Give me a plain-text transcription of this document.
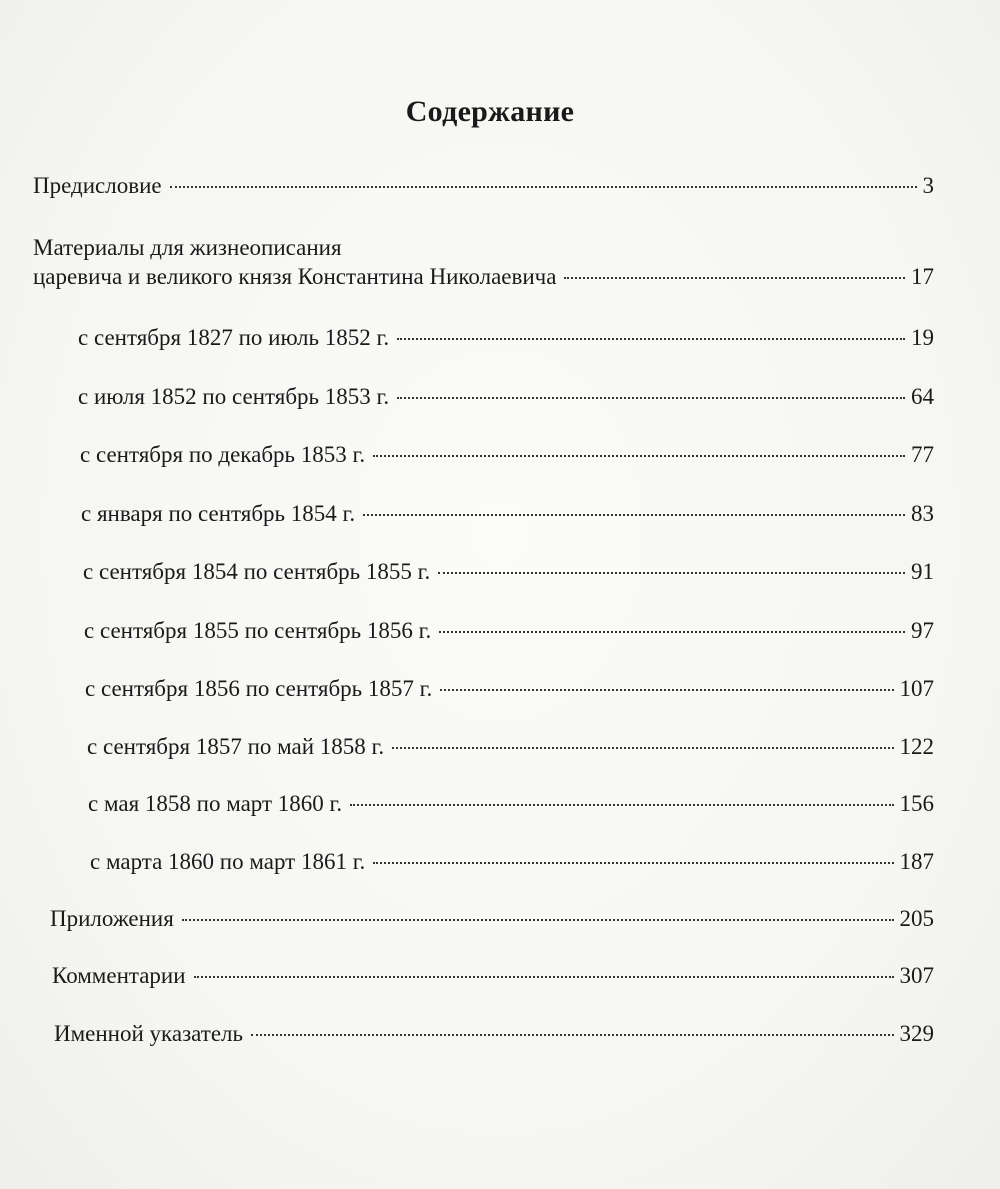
Содержание
Предисловие	3
Материалы для жизнеописания
царевича и великого князя Константина Николаевича	17
с сентября 1827 по июль 1852 г.	19
с июля 1852 по сентябрь 1853 г.	64
с сентября по декабрь 1853 г.	77
с января по сентябрь 1854 г.	83
с сентября 1854 по сентябрь 1855 г.	91
с сентября 1855 по сентябрь 1856 г.	97
с сентября 1856 по сентябрь 1857 г.	107
с сентября 1857 по май 1858 г.	122
с мая 1858 по март 1860 г.	156
с марта 1860 по март 1861 г.	187
Приложения	205
Комментарии	307
Именной указатель	329
